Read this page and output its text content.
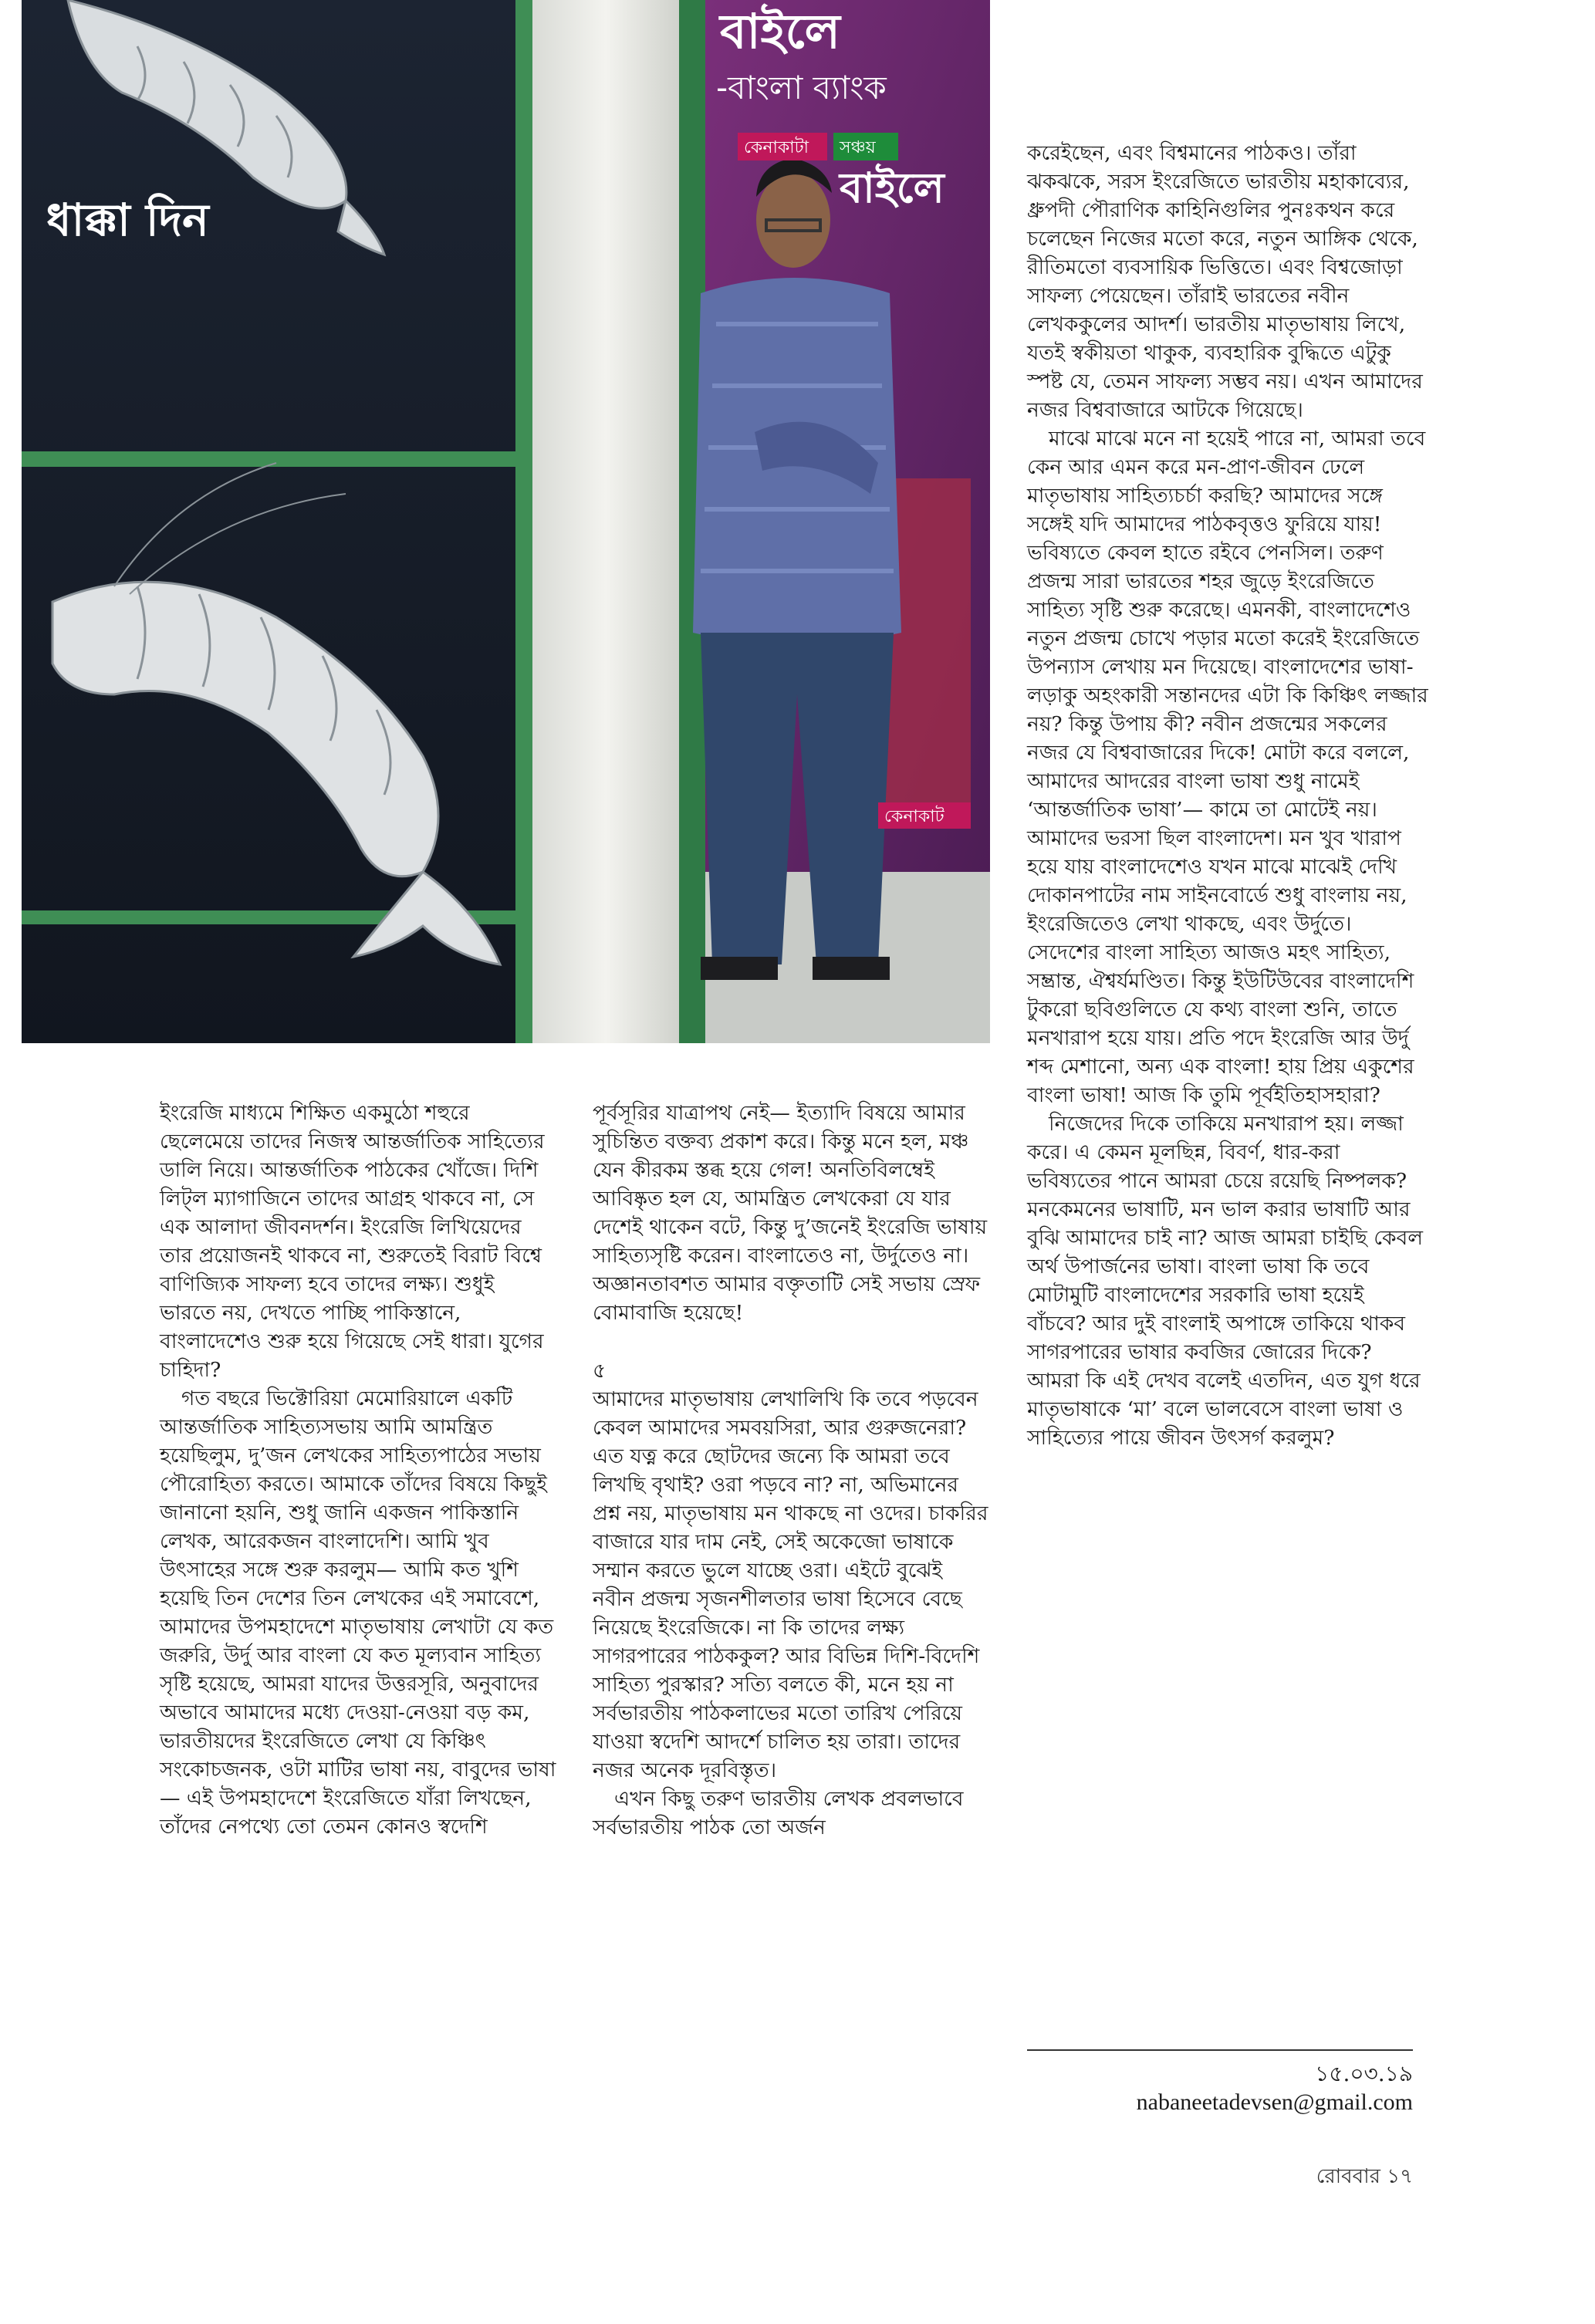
ধাক্কা দিন
বাইলে
-বাংলা ব্যাংক
কেনাকাটা সঞ্চয়
বাইলে
কেনাকাট

ইংরেজি মাধ্যমে শিক্ষিত একমুঠো শহুরে ছেলেমেয়ে তাদের নিজস্ব আন্তর্জাতিক সাহিত্যের ডালি নিয়ে। আন্তর্জাতিক পাঠকের খোঁজে। দিশি লিট্‌ল ম্যাগাজিনে তাদের আগ্রহ থাকবে না, সে এক আলাদা জীবনদর্শন। ইংরেজি লিখিয়েদের তার প্রয়োজনই থাকবে না, শুরুতেই বিরাট বিশ্বে বাণিজ্যিক সাফল্য হবে তাদের লক্ষ্য। শুধুই ভারতে নয়, দেখতে পাচ্ছি পাকিস্তানে, বাংলাদেশেও শুরু হয়ে গিয়েছে সেই ধারা। যুগের চাহিদা?

গত বছরে ভিক্টোরিয়া মেমোরিয়ালে একটি আন্তর্জাতিক সাহিত্যসভায় আমি আমন্ত্রিত হয়েছিলুম, দু’জন লেখকের সাহিত্যপাঠের সভায় পৌরোহিত্য করতে। আমাকে তাঁদের বিষয়ে কিছুই জানানো হয়নি, শুধু জানি একজন পাকিস্তানি লেখক, আরেকজন বাংলাদেশি। আমি খুব উৎসাহের সঙ্গে শুরু করলুম— আমি কত খুশি হয়েছি তিন দেশের তিন লেখকের এই সমাবেশে, আমাদের উপমহাদেশে মাতৃভাষায় লেখাটা যে কত জরুরি, উর্দু আর বাংলা যে কত মূল্যবান সাহিত্য সৃষ্টি হয়েছে, আমরা যাদের উত্তরসূরি, অনুবাদের অভাবে আমাদের মধ্যে দেওয়া-নেওয়া বড় কম, ভারতীয়দের ইংরেজিতে লেখা যে কিঞ্চিৎ সংকোচজনক, ওটা মাটির ভাষা নয়, বাবুদের ভাষা— এই উপমহাদেশে ইংরেজিতে যাঁরা লিখছেন, তাঁদের নেপথ্যে তো তেমন কোনও স্বদেশি

পূর্বসূরির যাত্রাপথ নেই— ইত্যাদি বিষয়ে আমার সুচিন্তিত বক্তব্য প্রকাশ করে। কিন্তু মনে হল, মঞ্চ যেন কীরকম স্তব্ধ হয়ে গেল! অনতিবিলম্বেই আবিষ্কৃত হল যে, আমন্ত্রিত লেখকেরা যে যার দেশেই থাকেন বটে, কিন্তু দু’জনেই ইংরেজি ভাষায় সাহিত্যসৃষ্টি করেন। বাংলাতেও না, উর্দুতেও না। অজ্ঞানতাবশত আমার বক্তৃতাটি সেই সভায় স্রেফ বোমাবাজি হয়েছে!

৫

আমাদের মাতৃভাষায় লেখালিখি কি তবে পড়বেন কেবল আমাদের সমবয়সিরা, আর গুরুজনেরা? এত যত্ন করে ছোটদের জন্যে কি আমরা তবে লিখছি বৃথাই? ওরা পড়বে না? না, অভিমানের প্রশ্ন নয়, মাতৃভাষায় মন থাকছে না ওদের। চাকরির বাজারে যার দাম নেই, সেই অকেজো ভাষাকে সম্মান করতে ভুলে যাচ্ছে ওরা। এইটে বুঝেই নবীন প্রজন্ম সৃজনশীলতার ভাষা হিসেবে বেছে নিয়েছে ইংরেজিকে। না কি তাদের লক্ষ্য সাগরপারের পাঠককুল? আর বিভিন্ন দিশি-বিদেশি সাহিত্য পুরস্কার? সত্যি বলতে কী, মনে হয় না সর্বভারতীয় পাঠকলাভের মতো তারিখ পেরিয়ে যাওয়া স্বদেশি আদর্শে চালিত হয় তারা। তাদের নজর অনেক দূরবিস্তৃত।

এখন কিছু তরুণ ভারতীয় লেখক প্রবলভাবে সর্বভারতীয় পাঠক তো অর্জন

করেইছেন, এবং বিশ্বমানের পাঠকও। তাঁরা ঝকঝকে, সরস ইংরেজিতে ভারতীয় মহাকাব্যের, ধ্রুপদী পৌরাণিক কাহিনিগুলির পুনঃকথন করে চলেছেন নিজের মতো করে, নতুন আঙ্গিক থেকে, রীতিমতো ব্যবসায়িক ভিত্তিতে। এবং বিশ্বজোড়া সাফল্য পেয়েছেন। তাঁরাই ভারতের নবীন লেখককুলের আদর্শ। ভারতীয় মাতৃভাষায় লিখে, যতই স্বকীয়তা থাকুক, ব্যবহারিক বুদ্ধিতে এটুকু স্পষ্ট যে, তেমন সাফল্য সম্ভব নয়। এখন আমাদের নজর বিশ্ববাজারে আটকে গিয়েছে।

মাঝে মাঝে মনে না হয়েই পারে না, আমরা তবে কেন আর এমন করে মন-প্রাণ-জীবন ঢেলে মাতৃভাষায় সাহিত্যচর্চা করছি? আমাদের সঙ্গে সঙ্গেই যদি আমাদের পাঠকবৃত্তও ফুরিয়ে যায়! ভবিষ্যতে কেবল হাতে রইবে পেনসিল। তরুণ প্রজন্ম সারা ভারতের শহর জুড়ে ইংরেজিতে সাহিত্য সৃষ্টি শুরু করেছে। এমনকী, বাংলাদেশেও নতুন প্রজন্ম চোখে পড়ার মতো করেই ইংরেজিতে উপন্যাস লেখায় মন দিয়েছে। বাংলাদেশের ভাষা-লড়াকু অহংকারী সন্তানদের এটা কি কিঞ্চিৎ লজ্জার নয়? কিন্তু উপায় কী? নবীন প্রজন্মের সকলের নজর যে বিশ্ববাজারের দিকে! মোটা করে বললে, আমাদের আদরের বাংলা ভাষা শুধু নামেই ‘আন্তর্জাতিক ভাষা’— কামে তা মোটেই নয়। আমাদের ভরসা ছিল বাংলাদেশ। মন খুব খারাপ হয়ে যায় বাংলাদেশেও যখন মাঝে মাঝেই দেখি দোকানপাটের নাম সাইনবোর্ডে শুধু বাংলায় নয়, ইংরেজিতেও লেখা থাকছে, এবং উর্দুতে। সেদেশের বাংলা সাহিত্য আজও মহৎ সাহিত্য, সম্ভ্রান্ত, ঐশ্বর্যমণ্ডিত। কিন্তু ইউটিউবের বাংলাদেশি টুকরো ছবিগুলিতে যে কথ্য বাংলা শুনি, তাতে মনখারাপ হয়ে যায়। প্রতি পদে ইংরেজি আর উর্দু শব্দ মেশানো, অন্য এক বাংলা! হায় প্রিয় একুশের বাংলা ভাষা! আজ কি তুমি পূর্বইতিহাসহারা?

নিজেদের দিকে তাকিয়ে মনখারাপ হয়। লজ্জা করে। এ কেমন মূলছিন্ন, বিবর্ণ, ধার-করা ভবিষ্যতের পানে আমরা চেয়ে রয়েছি নিষ্পলক? মনকেমনের ভাষাটি, মন ভাল করার ভাষাটি আর বুঝি আমাদের চাই না? আজ আমরা চাইছি কেবল অর্থ উপার্জনের ভাষা। বাংলা ভাষা কি তবে মোটামুটি বাংলাদেশের সরকারি ভাষা হয়েই বাঁচবে? আর দুই বাংলাই অপাঙ্গে তাকিয়ে থাকব সাগরপারের ভাষার কবজির জোরের দিকে? আমরা কি এই দেখব বলেই এতদিন, এত যুগ ধরে মাতৃভাষাকে ‘মা’ বলে ভালবেসে বাংলা ভাষা ও সাহিত্যের পায়ে জীবন উৎসর্গ করলুম?

১৫.০৩.১৯
nabaneetadevsen@gmail.com
রোববার ১৭
